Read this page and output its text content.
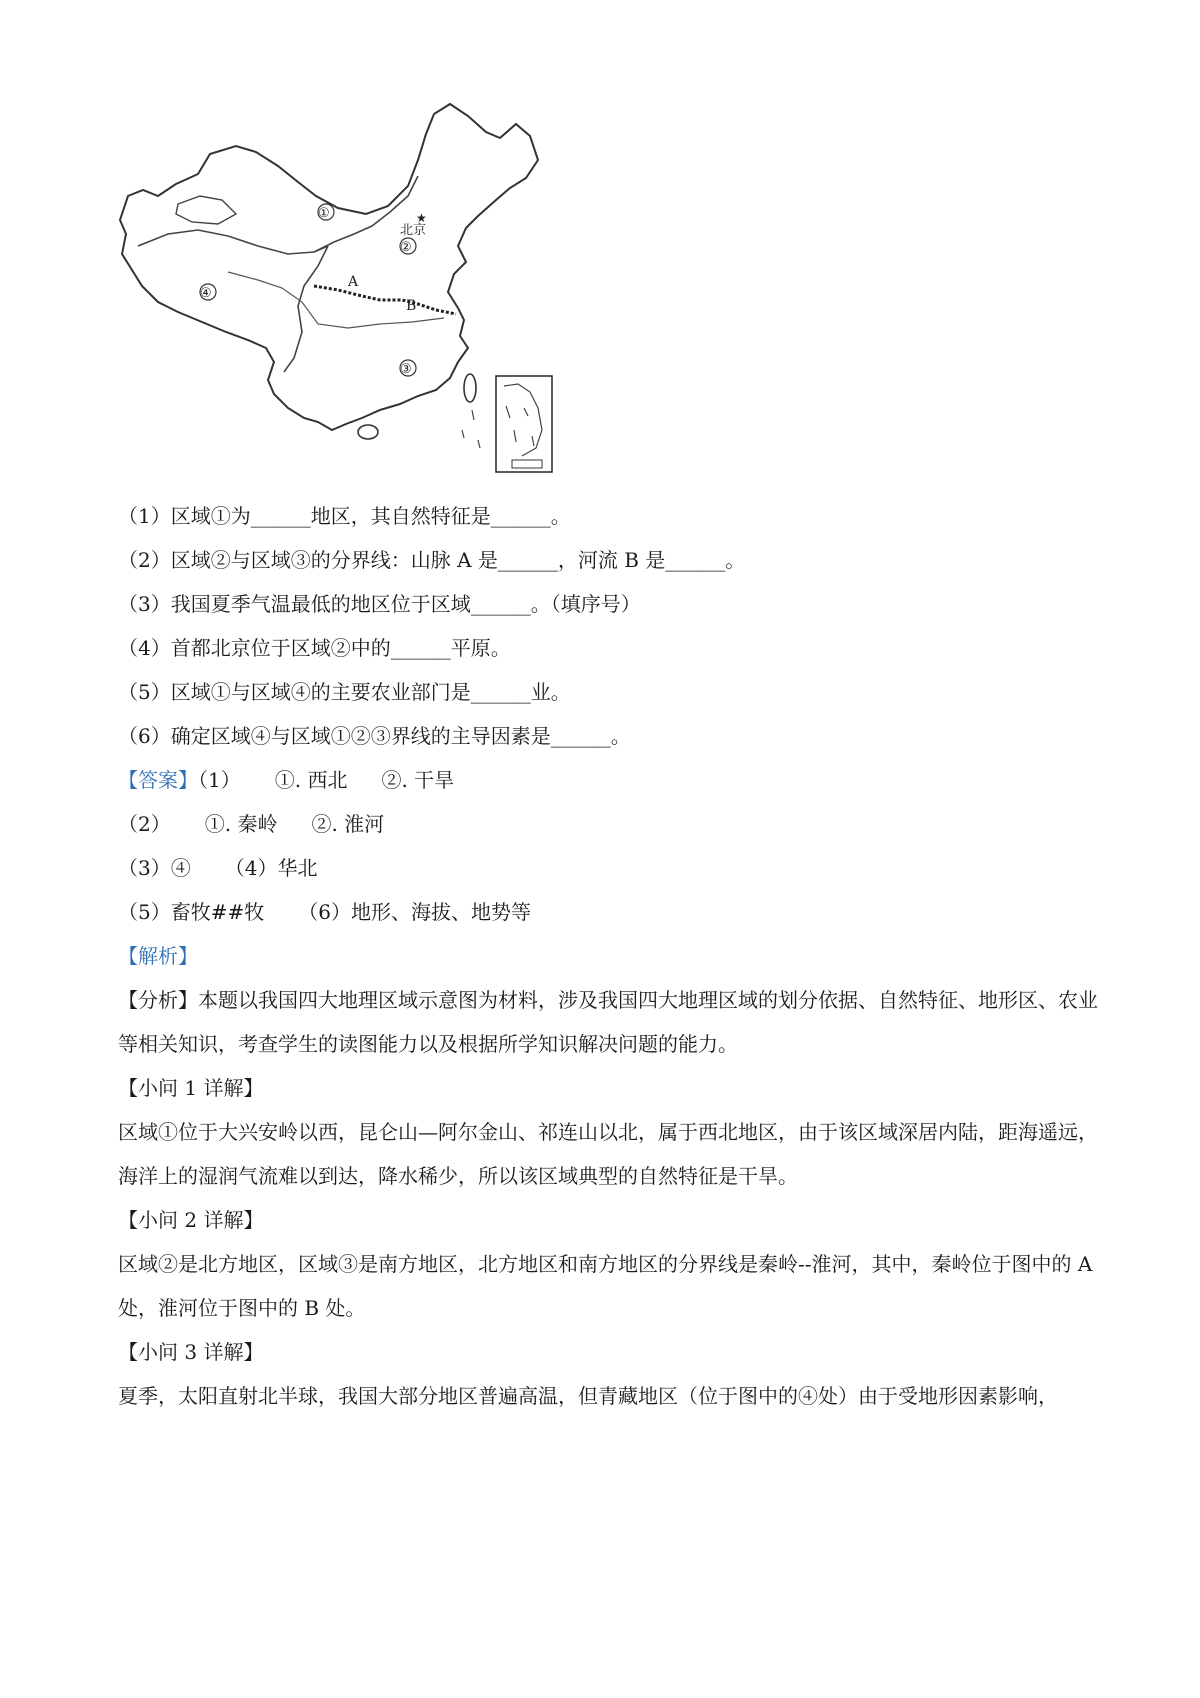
★
①
②
③
④
A
B
北京
（1）区域①为______地区，其自然特征是______。
（2）区域②与区域③的分界线：山脉 A 是______，河流 B 是______。
（3）我国夏季气温最低的地区位于区域______。（填序号）
（4）首都北京位于区域②中的______平原。
（5）区域①与区域④的主要农业部门是______业。
（6）确定区域④与区域①②③界线的主导因素是______。
【答案】（1） ①. 西北 ②. 干旱
（2） ①. 秦岭 ②. 淮河
（3）④ （4）华北
（5）畜牧##牧 （6）地形、海拔、地势等
【解析】
【分析】本题以我国四大地理区域示意图为材料，涉及我国四大地理区域的划分依据、自然特征、地形区、农业等相关知识，考查学生的读图能力以及根据所学知识解决问题的能力。
【小问 1 详解】
区域①位于大兴安岭以西，昆仑山—阿尔金山、祁连山以北，属于西北地区，由于该区域深居内陆，距海遥远，海洋上的湿润气流难以到达，降水稀少，所以该区域典型的自然特征是干旱。
【小问 2 详解】
区域②是北方地区，区域③是南方地区，北方地区和南方地区的分界线是秦岭--淮河，其中，秦岭位于图中的 A 处，淮河位于图中的 B 处。
【小问 3 详解】
夏季，太阳直射北半球，我国大部分地区普遍高温，但青藏地区（位于图中的④处）由于受地形因素影响，
